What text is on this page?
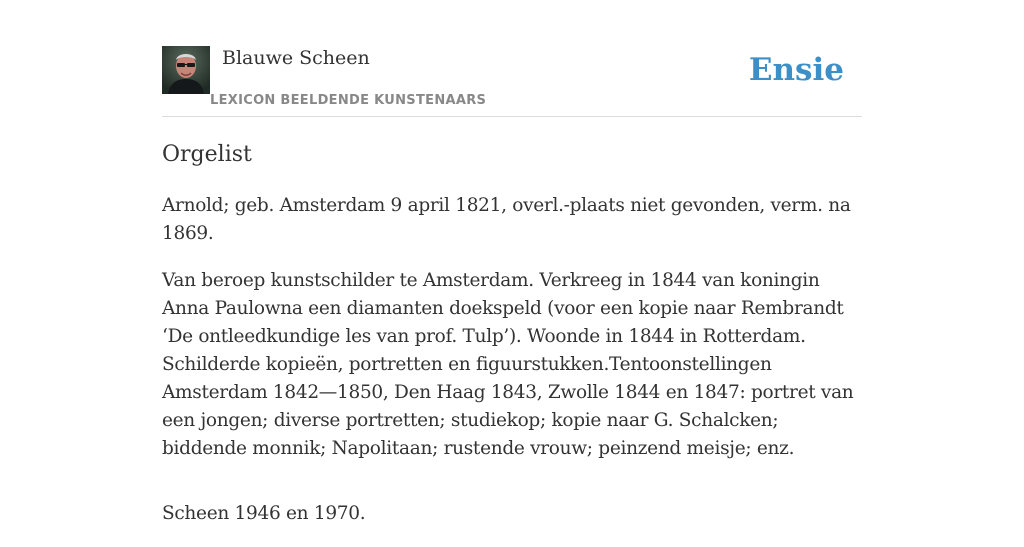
Blauwe Scheen
LEXICON BEELDENDE KUNSTENAARS
Ensie
Orgelist

Arnold; geb. Amsterdam 9 april 1821, overl.-plaats niet gevonden, verm. na 1869.

Van beroep kunstschilder te Amsterdam. Verkreeg in 1844 van koningin Anna Paulowna een diamanten doekspeld (voor een kopie naar Rembrandt ‘De ontleedkundige les van prof. Tulp’). Woonde in 1844 in Rotterdam. Schilderde kopieën, portretten en figuurstukken.Tentoonstellingen Amsterdam 1842—1850, Den Haag 1843, Zwolle 1844 en 1847: portret van een jongen; diverse portretten; studiekop; kopie naar G. Schalcken; biddende monnik; Napolitaan; rustende vrouw; peinzend meisje; enz.

Scheen 1946 en 1970.
